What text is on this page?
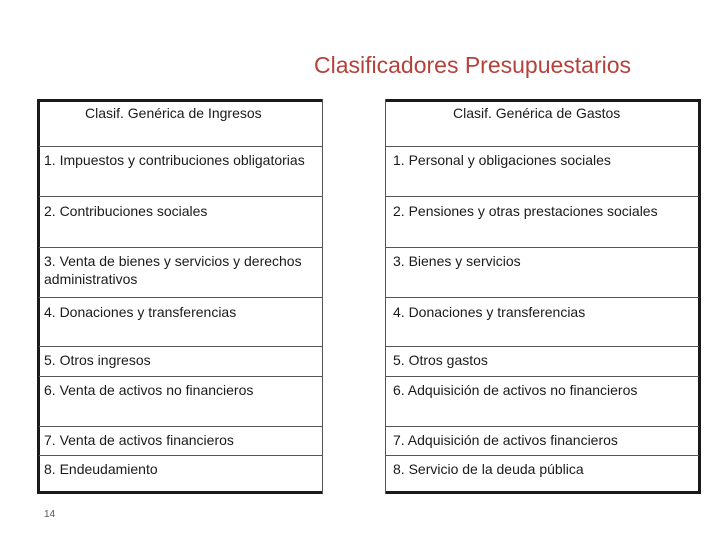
Clasificadores Presupuestarios
Clasif. Genérica de Ingresos	Clasif. Genérica de Gastos
1. Impuestos y contribuciones obligatorias
2. Contribuciones sociales
3. Venta de bienes y servicios y derechos administrativos
4. Donaciones y transferencias
5. Otros ingresos
6. Venta de activos no financieros
7. Venta de activos financieros
8. Endeudamiento
1. Personal y obligaciones sociales
2. Pensiones y otras prestaciones sociales
3. Bienes y servicios
4. Donaciones y transferencias
5. Otros gastos
6. Adquisición de activos no financieros
7. Adquisición de activos financieros
8. Servicio de la deuda pública
14
